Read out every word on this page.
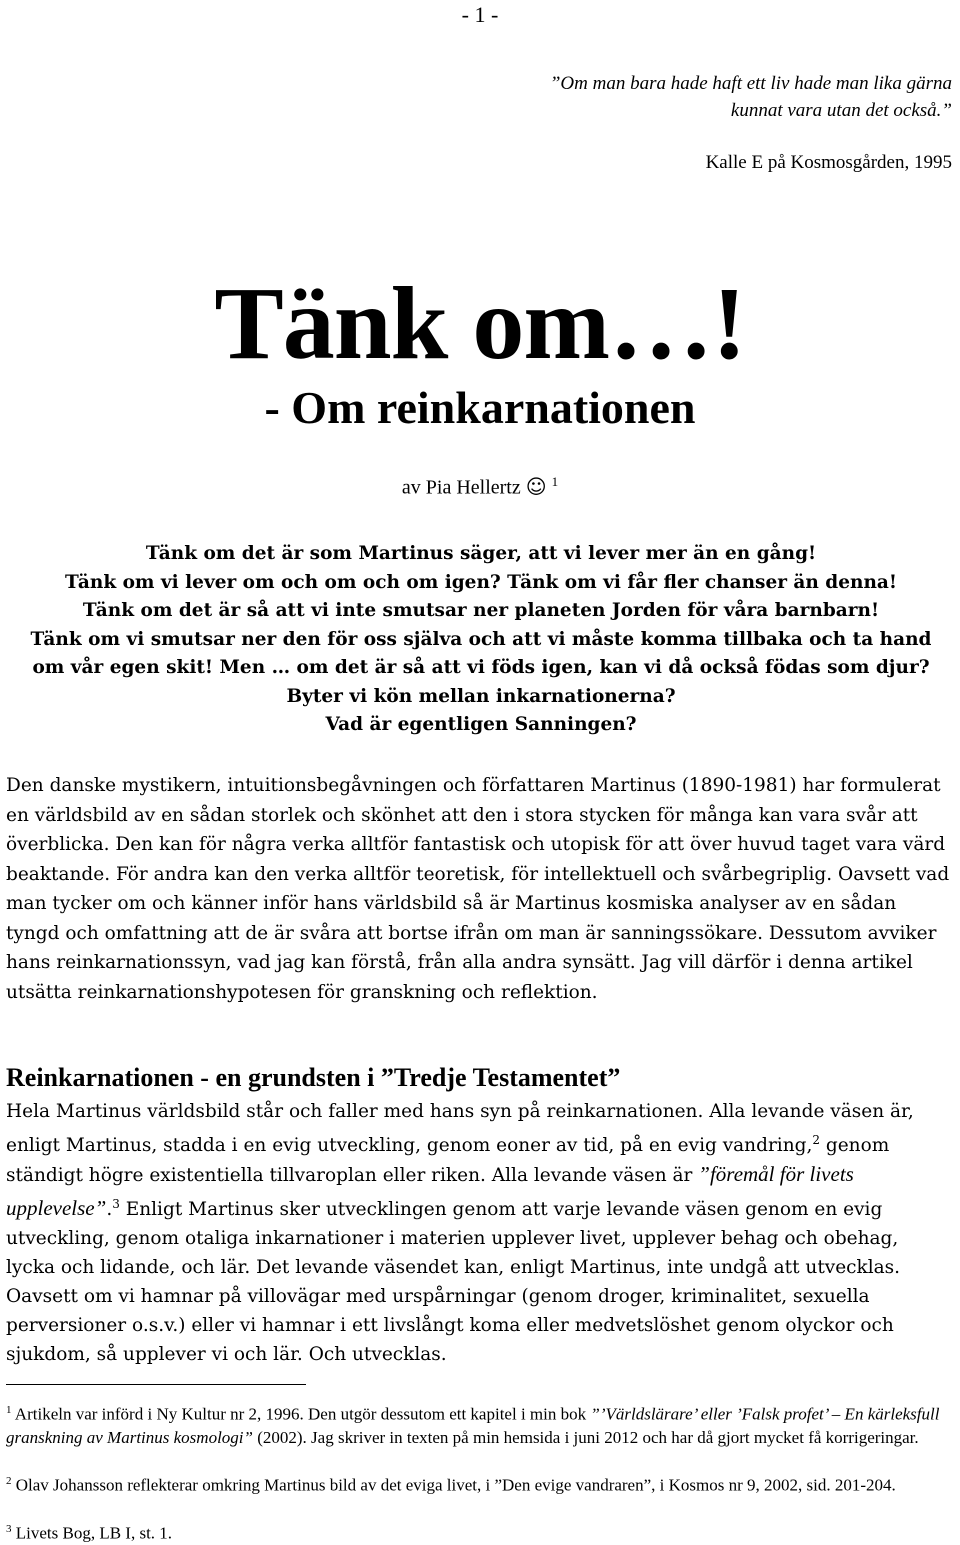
- 1 -
”Om man bara hade haft ett liv hade man lika gärna
kunnat vara utan det också.”
Kalle E på Kosmosgården, 1995
Tänk om…!
- Om reinkarnationen
av Pia Hellertz ☺ $^1$
Tänk om det är som Martinus säger, att vi lever mer än en gång!
Tänk om vi lever om och om och om igen? Tänk om vi får fler chanser än denna!
Tänk om det är så att vi inte smutsar ner planeten Jorden för våra barnbarn!
Tänk om vi smutsar ner den för oss själva och att vi måste komma tillbaka och ta hand
om vår egen skit! Men … om det är så att vi föds igen, kan vi då också födas som djur?
Byter vi kön mellan inkarnationerna?
Vad är egentligen Sanningen?
Den danske mystikern, intuitionsbegåvningen och författaren Martinus (1890-1981) har formulerat en världsbild av en sådan storlek och skönhet att den i stora stycken för många kan vara svår att överblicka. Den kan för några verka alltför fantastisk och utopisk för att över huvud taget vara värd beaktande. För andra kan den verka alltför teoretisk, för intellektuell och svårbegriplig. Oavsett vad man tycker om och känner inför hans världsbild så är Martinus kosmiska analyser av en sådan tyngd och omfattning att de är svåra att bortse ifrån om man är sanningssökare. Dessutom avviker hans reinkarnationssyn, vad jag kan förstå, från alla andra synsätt. Jag vill därför i denna artikel utsätta reinkarnationshypotesen för granskning och reflektion.
Reinkarnationen - en grundsten i ”Tredje Testamentet”
Hela Martinus världsbild står och faller med hans syn på reinkarnationen. Alla levande väsen är, enligt Martinus, stadda i en evig utveckling, genom eoner av tid, på en evig vandring,$^2$ genom ständigt högre existentiella tillvaroplan eller riken. Alla levande väsen är ”föremål för livets upplevelse”.$^3$ Enligt Martinus sker utvecklingen genom att varje levande väsen genom en evig utveckling, genom otaliga inkarnationer i materien upplever livet, upplever behag och obehag, lycka och lidande, och lär. Det levande väsendet kan, enligt Martinus, inte undgå att utvecklas. Oavsett om vi hamnar på villovägar med urspårningar (genom droger, kriminalitet, sexuella perversioner o.s.v.) eller vi hamnar i ett livslångt koma eller medvetslöshet genom olyckor och sjukdom, så upplever vi och lär. Och utvecklas.
$^1$ Artikeln var införd i Ny Kultur nr 2, 1996. Den utgör dessutom ett kapitel i min bok ”’Världslärare’ eller ’Falsk profet’ – En kärleksfull granskning av Martinus kosmologi” (2002). Jag skriver in texten på min hemsida i juni 2012 och har då gjort mycket få korrigeringar.
$^2$ Olav Johansson reflekterar omkring Martinus bild av det eviga livet, i ”Den evige vandraren”, i Kosmos nr 9, 2002, sid. 201-204.
$^3$ Livets Bog, LB I, st. 1.
